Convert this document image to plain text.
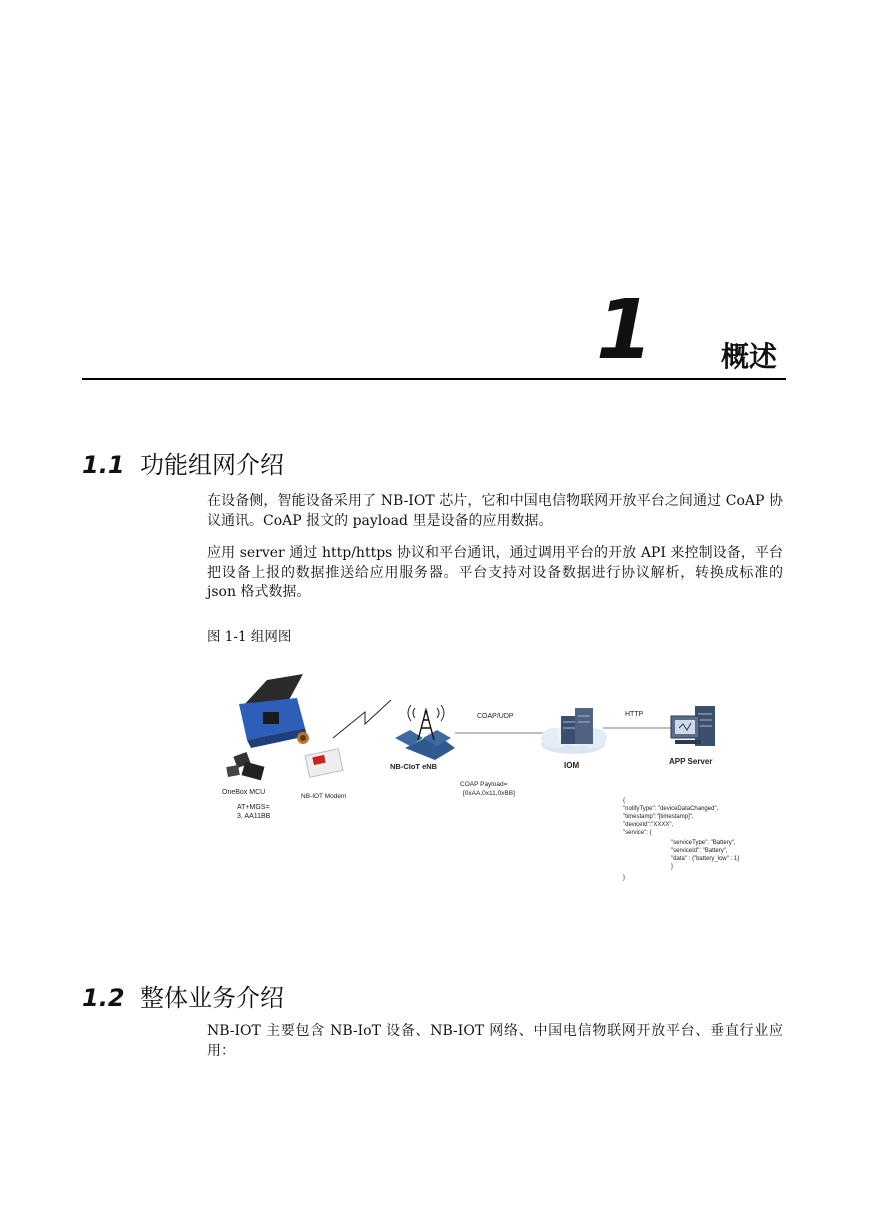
1 概述
1.1 功能组网介绍
在设备侧，智能设备采用了 NB-IOT 芯片，它和中国电信物联网开放平台之间通过 CoAP 协议通讯。CoAP 报文的 payload 里是设备的应用数据。
应用 server 通过 http/https 协议和平台通讯，通过调用平台的开放 API 来控制设备，平台把设备上报的数据推送给应用服务器。平台支持对设备数据进行协议解析，转换成标准的 json 格式数据。
图 1-1 组网图
OneBox MCU
AT+MGS=
3, AA11BB
NB-IOT Modem
NB-CIoT eNB
COAP/UDP
COAP Payload=
[0xAA,0x11,0xBB]
IOM
HTTP
APP Server
{
"notifyType": "deviceDataChanged",
"timestamp":"[timestamp]",
"deviceId":"XXXX",
"service": {
"serviceType": "Battery",
"serviceId": "Battery",
"data" : {"battery_low" : 1}
}
}
1.2 整体业务介绍
NB-IOT 主要包含 NB-IoT 设备、NB-IOT 网络、中国电信物联网开放平台、垂直行业应用：
